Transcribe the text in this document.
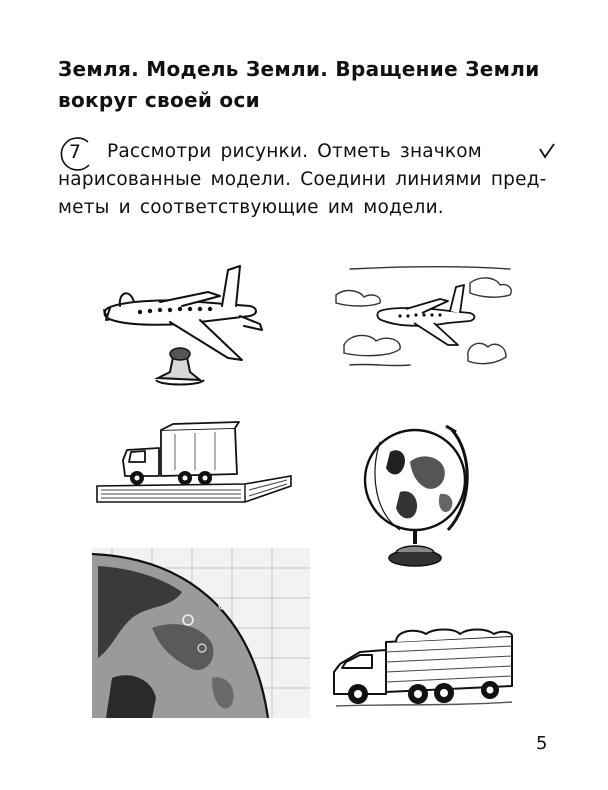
Земля. Модель Земли. Вращение Земли
вокруг своей оси
7	Рассмотри рисунки. Отметь значком
нарисованные модели. Соедини линиями пред-
меты и соответствующие им модели.
5
